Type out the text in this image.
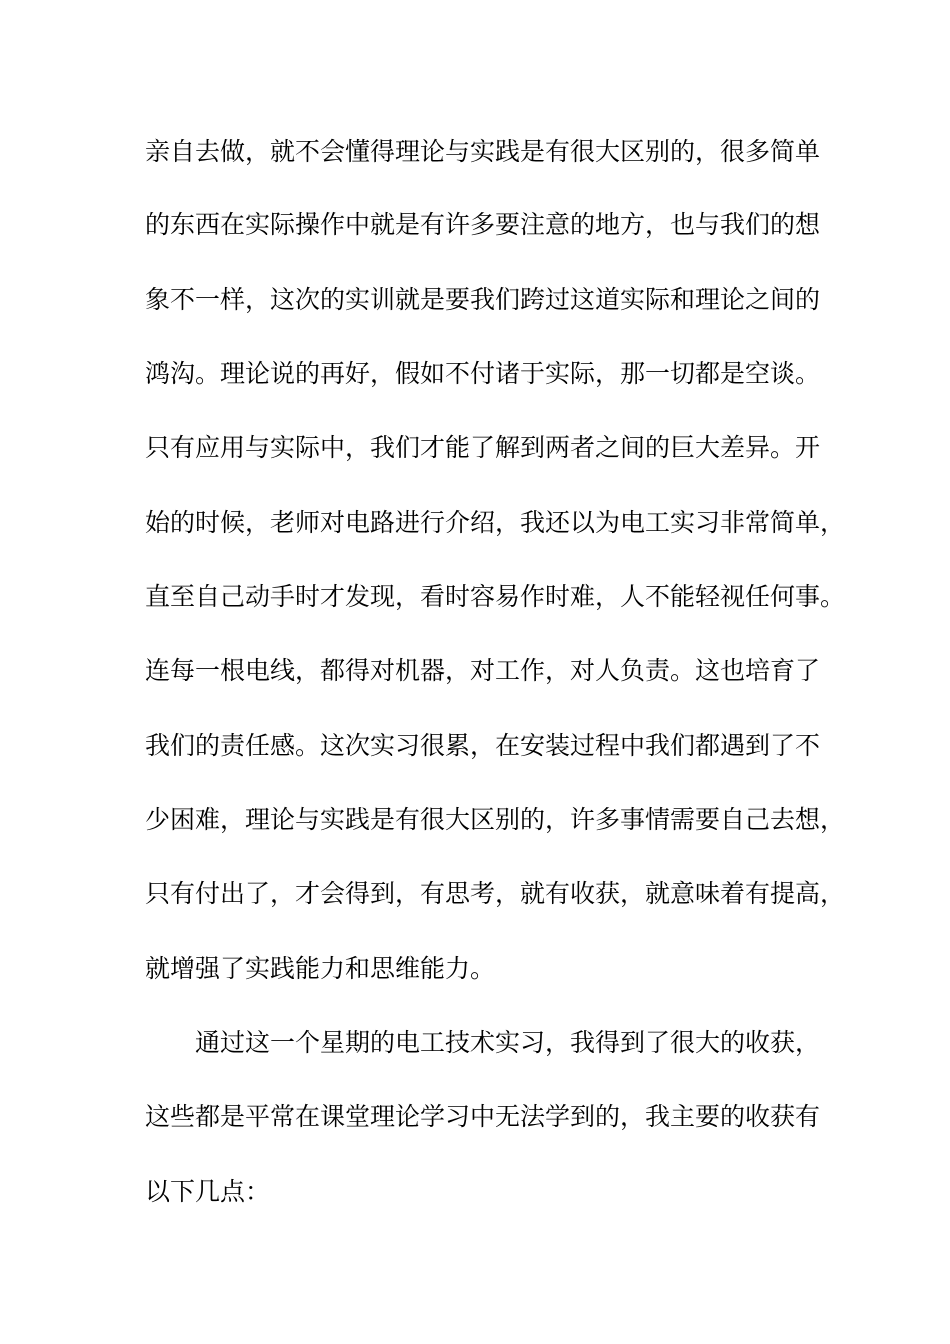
亲自去做，就不会懂得理论与实践是有很大区别的，很多简单
的东西在实际操作中就是有许多要注意的地方，也与我们的想
象不一样，这次的实训就是要我们跨过这道实际和理论之间的
鸿沟。理论说的再好，假如不付诸于实际，那一切都是空谈。
只有应用与实际中，我们才能了解到两者之间的巨大差异。开
始的时候，老师对电路进行介绍，我还以为电工实习非常简单，
直至自己动手时才发现，看时容易作时难，人不能轻视任何事。
连每一根电线，都得对机器，对工作，对人负责。这也培育了
我们的责任感。这次实习很累，在安装过程中我们都遇到了不
少困难，理论与实践是有很大区别的，许多事情需要自己去想，
只有付出了，才会得到，有思考，就有收获，就意味着有提高，
就增强了实践能力和思维能力。
通过这一个星期的电工技术实习，我得到了很大的收获，
这些都是平常在课堂理论学习中无法学到的，我主要的收获有
以下几点：
